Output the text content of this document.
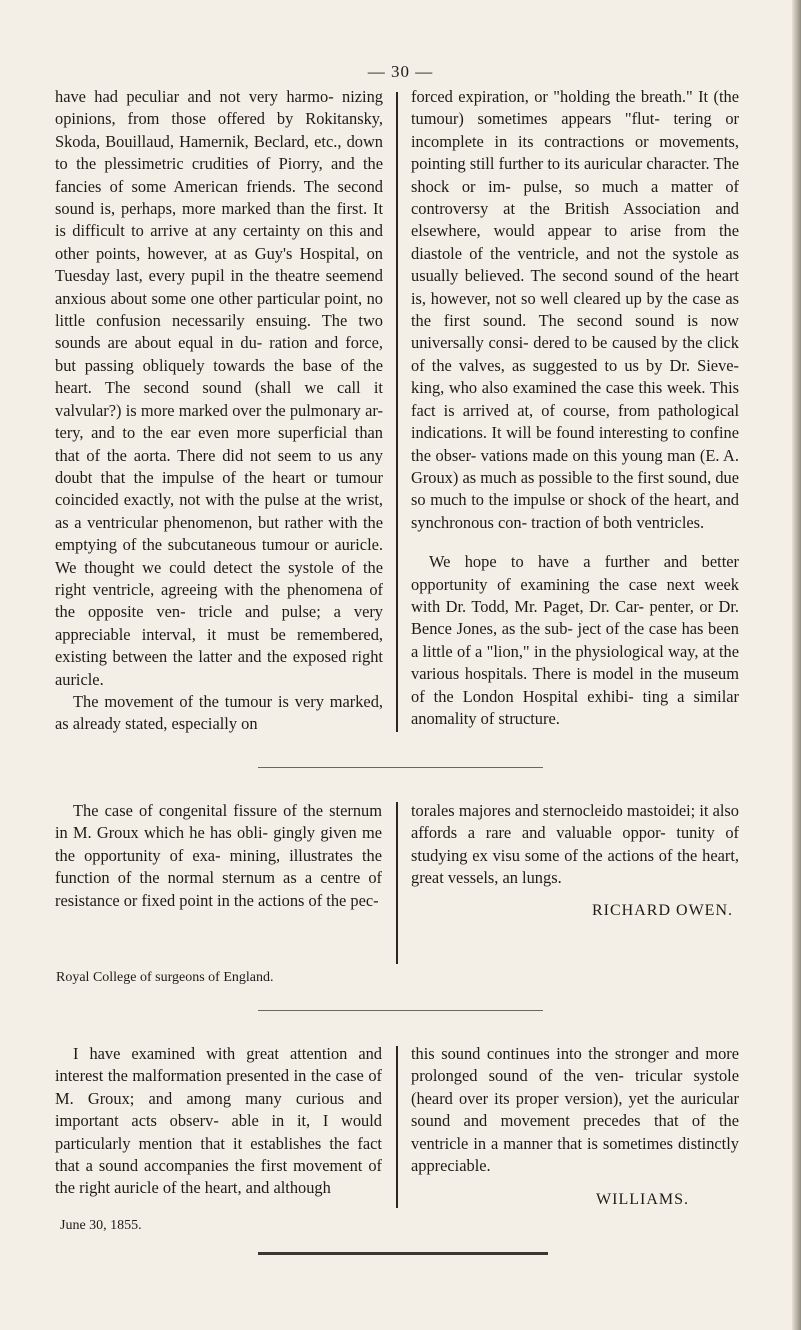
— 30 —

have had peculiar and not very harmo- nizing opinions, from those offered by Rokitansky, Skoda, Bouillaud, Hamernik, Beclard, etc., down to the plessimetric crudities of Piorry, and the fancies of some American friends. The second sound is, perhaps, more marked than the first. It is difficult to arrive at any certainty on this and other points, however, at as Guy's Hospital, on Tuesday last, every pupil in the theatre seemend anxious about some one other particular point, no little confusion necessarily ensuing. The two sounds are about equal in du- ration and force, but passing obliquely towards the base of the heart. The second sound (shall we call it valvular?) is more marked over the pulmonary ar- tery, and to the ear even more superficial than that of the aorta. There did not seem to us any doubt that the impulse of the heart or tumour coincided exactly, not with the pulse at the wrist, as a ventricular phenomenon, but rather with the emptying of the subcutaneous tumour or auricle. We thought we could detect the systole of the right ventricle, agreeing with the phenomena of the opposite ven- tricle and pulse; a very appreciable interval, it must be remembered, existing between the latter and the exposed right auricle.

The movement of the tumour is very marked, as already stated, especially on

forced expiration, or "holding the breath." It (the tumour) sometimes appears "flut- tering or incomplete in its contractions or movements, pointing still further to its auricular character. The shock or im- pulse, so much a matter of controversy at the British Association and elsewhere, would appear to arise from the diastole of the ventricle, and not the systole as usually believed. The second sound of the heart is, however, not so well cleared up by the case as the first sound. The second sound is now universally consi- dered to be caused by the click of the valves, as suggested to us by Dr. Sieve- king, who also examined the case this week. This fact is arrived at, of course, from pathological indications. It will be found interesting to confine the obser- vations made on this young man (E. A. Groux) as much as possible to the first sound, due so much to the impulse or shock of the heart, and synchronous con- traction of both ventricles.

We hope to have a further and better opportunity of examining the case next week with Dr. Todd, Mr. Paget, Dr. Car- penter, or Dr. Bence Jones, as the sub- ject of the case has been a little of a "lion," in the physiological way, at the various hospitals. There is model in the museum of the London Hospital exhibi- ting a similar anomality of structure.

The case of congenital fissure of the sternum in M. Groux which he has obli- gingly given me the opportunity of exa- mining, illustrates the function of the normal sternum as a centre of resistance or fixed point in the actions of the pec-

torales majores and sternocleido mastoidei; it also affords a rare and valuable oppor- tunity of studying ex visu some of the actions of the heart, great vessels, an lungs.

RICHARD OWEN.
Royal College of surgeons of England.

I have examined with great attention and interest the malformation presented in the case of M. Groux; and among many curious and important acts observ- able in it, I would particularly mention that it establishes the fact that a sound accompanies the first movement of the right auricle of the heart, and although

this sound continues into the stronger and more prolonged sound of the ven- tricular systole (heard over its proper version), yet the auricular sound and movement precedes that of the ventricle in a manner that is sometimes distinctly appreciable.

WILLIAMS.
June 30, 1855.
